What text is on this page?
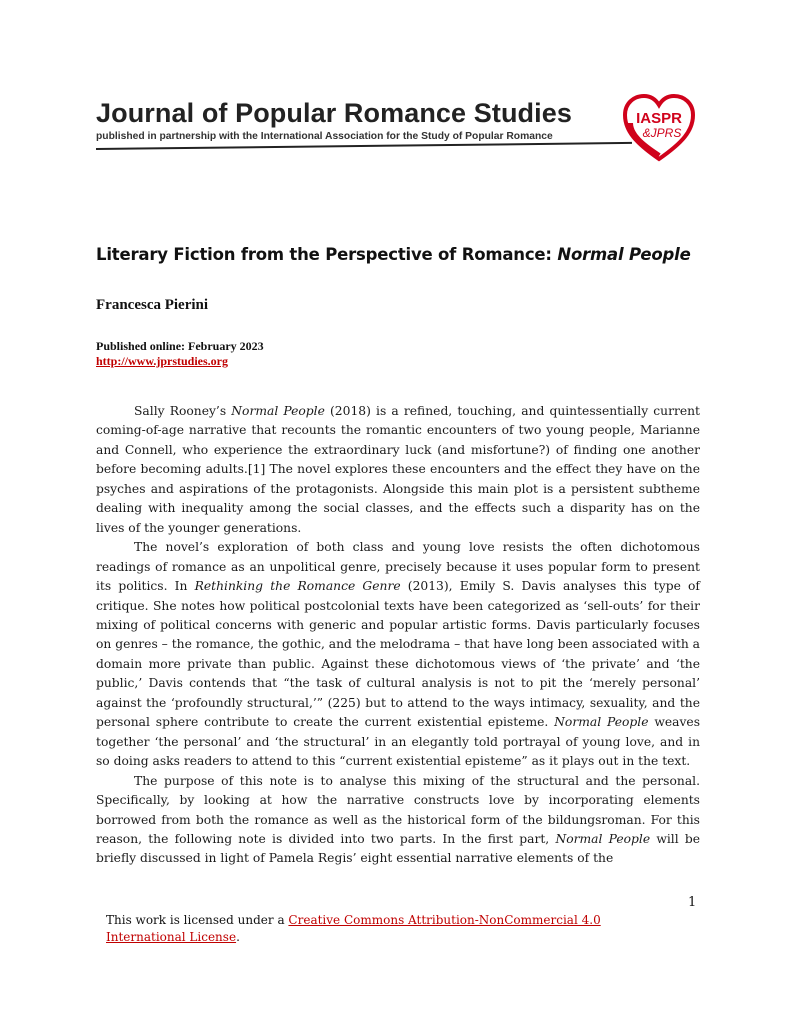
Journal of Popular Romance Studies
published in partnership with the International Association for the Study of Popular Romance
IASPR
&JPRS
Literary Fiction from the Perspective of Romance: Normal People
Francesca Pierini
Published online: February 2023
http://www.jprstudies.org

Sally Rooney’s Normal People (2018) is a refined, touching, and quintessentially current coming-of-age narrative that recounts the romantic encounters of two young people, Marianne and Connell, who experience the extraordinary luck (and misfortune?) of finding one another before becoming adults.[1] The novel explores these encounters and the effect they have on the psyches and aspirations of the protagonists. Alongside this main plot is a persistent subtheme dealing with inequality among the social classes, and the effects such a disparity has on the lives of the younger generations.

The novel’s exploration of both class and young love resists the often dichotomous readings of romance as an unpolitical genre, precisely because it uses popular form to present its politics. In Rethinking the Romance Genre (2013), Emily S. Davis analyses this type of critique. She notes how political postcolonial texts have been categorized as ‘sell-outs’ for their mixing of political concerns with generic and popular artistic forms. Davis particularly focuses on genres – the romance, the gothic, and the melodrama – that have long been associated with a domain more private than public. Against these dichotomous views of ‘the private’ and ‘the public,’ Davis contends that “the task of cultural analysis is not to pit the ‘merely personal’ against the ‘profoundly structural,’” (225) but to attend to the ways intimacy, sexuality, and the personal sphere contribute to create the current existential episteme. Normal People weaves together ‘the personal’ and ‘the structural’ in an elegantly told portrayal of young love, and in so doing asks readers to attend to this “current existential episteme” as it plays out in the text.

The purpose of this note is to analyse this mixing of the structural and the personal. Specifically, by looking at how the narrative constructs love by incorporating elements borrowed from both the romance as well as the historical form of the bildungsroman. For this reason, the following note is divided into two parts. In the first part, Normal People will be briefly discussed in light of Pamela Regis’ eight essential narrative elements of the

1
This work is licensed under a Creative Commons Attribution-NonCommercial 4.0 International License.
